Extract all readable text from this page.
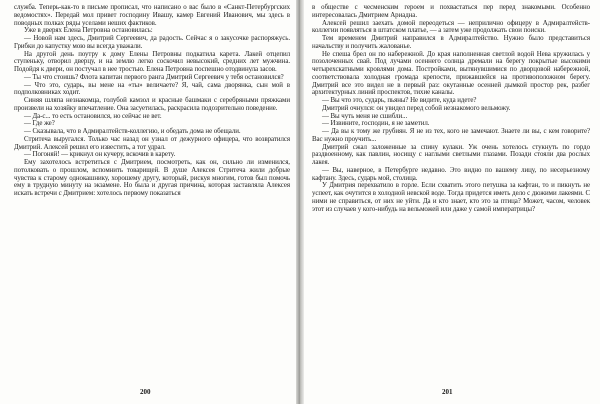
служба. Теперь-как-то в письме прописал, что написано о вас было в «Санкт-Петербургских ведомостях». Передай мол привет господину Ивашу, камер Евгений Иванович, мы здесь в поводных полках ряды уселами неших фактиков.

Уже в дверях Елена Петровна остановилась:

— Новой нам здесь, Дмитрий Сергеевич, да радость. Сейчас я о закусочке распоряжусь. Грибки до капустку мою вы всегда уважали.

На другой день поутру к дому Елены Петровны подкатила карета. Лакей отцепил ступеньку, отворил дверцу, и на землю легко соскочил невысокий, средних лет мужчина. Подойдя к двери, он постучал в нее тростью. Елена Петровна поспешно отодвинула засов.

— Ты что стоишь? Флота капитан первого ранга Дмитрий Сергеевич у тебя остановился?

— Что это, сударь, вы мене на «ты» величаете? Я, чай, сама дворянка, сын мой в подполковниках ходит.

Синяя шляпа незнакомца, голубой камзол и красные башмаки с серебряными пряжками произвели на хозяйку впечатление. Она засуетилась, раскрасила подозрительно поведение.

— Да-с... то есть остановился, но сейчас не вет.

— Где же?

— Сказывала, что в Адмиралтейств-коллегию, и обедать дома не обещали.

Стритеча выругался. Только час назад он узнал от дежурного офицера, что возвратился Дмитрий. Алексей решил его известить, а тот удрал.

— Погоняй! — крикнул он кучеру, вскочив в карету.

Ему захотелось встретиться с Дмитрием, посмотреть, как он, сильно ли изменился, потолковать о прошлом, вспомнить товарищей. В душе Алексея Стритеча жили добрые чувства к старому однокашнику, хорошему другу, который, рискуя многим, готов был помочь ему в трудную минуту на экзамене. Но была и другая причина, которая заставляла Алексея искать встречи с Дмитрием: хотелось первому показаться

200

в обществе с чесменским героем и похвастаться пер перед знакомыми. Особенно интересовалась Дмитрием Ариадна.

Алексей решил заехать домой переодеться — неприлично офицеру в Адмиралтейств-коллегии появляться в штатском платье, — а затем уже продолжать свои поиски.

Тем временем Дмитрий направился в Адмиралтейство. Нужно было представиться начальству и получить жалованье.

Не спеша брел он по набережной. До края наполненная светлой водой Нева кружилась у позолоченных свай. Под лучами осеннего солнца дремали на берегу покрытые высокими четырехскатными кровлями дома. Постройками, вытянувшимися по дворцовой набережной, соответствовала холодная громада крепости, прижавшейся на противоположном берегу. Дмитрий все это видел не в первый раз: окутанные осенней дымкой простор рек, разбег архитектурных линий проспектов, тихие каналы.

— Вы что это, сударь, пьяны? Не видите, куда идете?

Дмитрий очнулся: он увидел перед собой незнакомого вельможу.

— Вы чуть меня не сшибли...

— Извините, господин, я не заметил.

— Да вы к тому же грубиян. Я не из тех, кого не замечают. Знаете ли вы, с кем говорите? Вас нужно проучить...

Дмитрий сжал заложенные за спину кулаки. Уж очень хотелось стукнуть по гордо раздвоенному, как павлин, носищу с наглыми светлыми глазами. Позади стояли два рослых лакея.

— Вы, наверное, в Петербурге недавно. Это видно по вашему лицу, по несерьезному кафтану. Здесь, сударь мой, столица.

У Дмитрия перехватило в горле. Если схватить этого петушка за кафтан, то и пикнуть не успеет, как очутится в холодной невской воде. Тогда придется иметь дело с дюжими лакеями. С ними не справиться, от них не уйти. Да и кто знает, кто это за птица? Может, часом, человек этот из случаев у кого-нибудь на вельможей или даже у самой императрицы?

201
